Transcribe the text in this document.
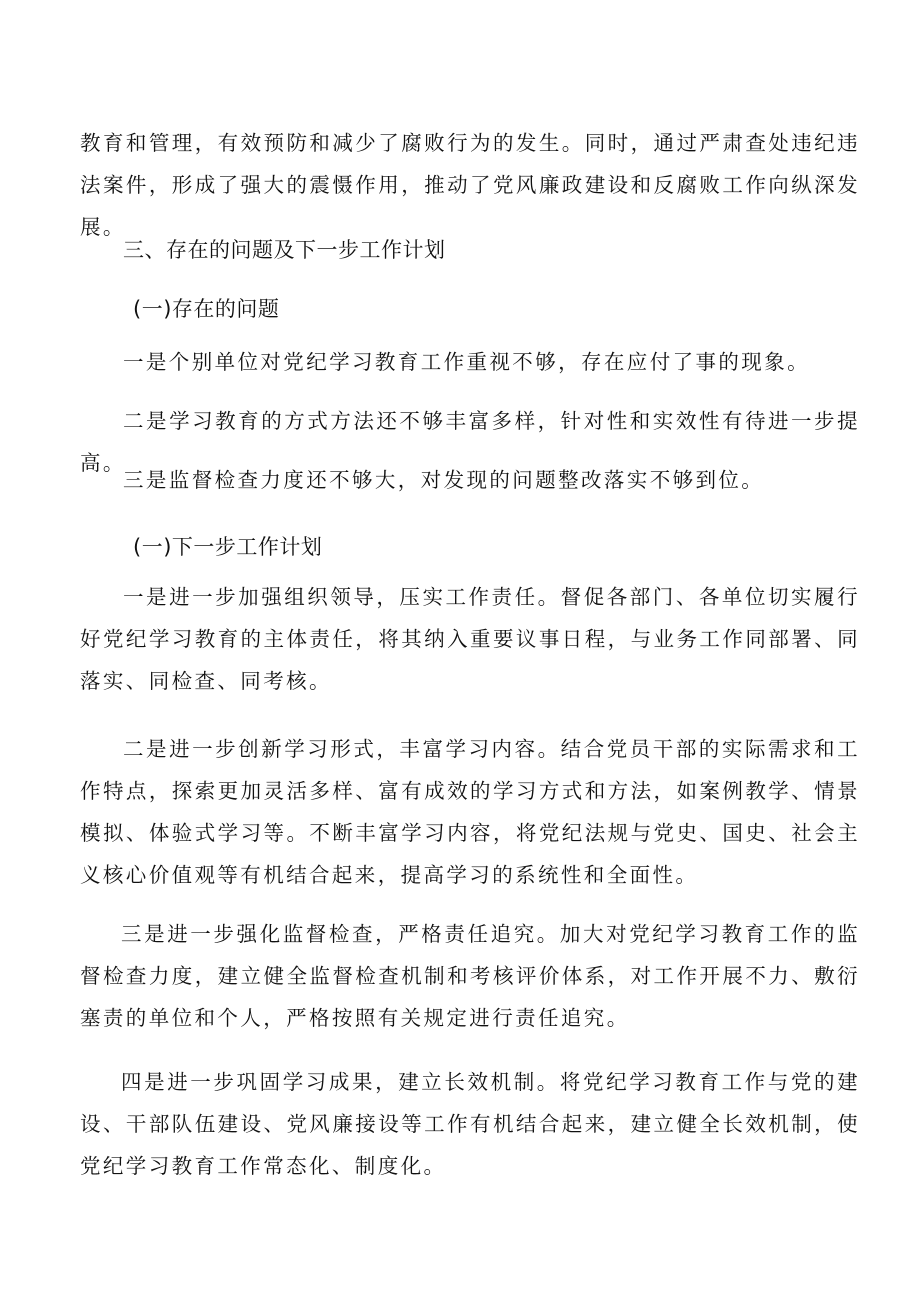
教育和管理，有效预防和减少了腐败行为的发生。同时，通过严肃查处违纪违法案件，形成了强大的震慑作用，推动了党风廉政建设和反腐败工作向纵深发展。

三、存在的问题及下一步工作计划

(一)存在的问题

一是个别单位对党纪学习教育工作重视不够，存在应付了事的现象。

二是学习教育的方式方法还不够丰富多样，针对性和实效性有待进一步提高。

三是监督检查力度还不够大，对发现的问题整改落实不够到位。

(一)下一步工作计划

一是进一步加强组织领导，压实工作责任。督促各部门、各单位切实履行好党纪学习教育的主体责任，将其纳入重要议事日程，与业务工作同部署、同落实、同检查、同考核。

二是进一步创新学习形式，丰富学习内容。结合党员干部的实际需求和工作特点，探索更加灵活多样、富有成效的学习方式和方法，如案例教学、情景模拟、体验式学习等。不断丰富学习内容，将党纪法规与党史、国史、社会主义核心价值观等有机结合起来，提高学习的系统性和全面性。

三是进一步强化监督检查，严格责任追究。加大对党纪学习教育工作的监督检查力度，建立健全监督检查机制和考核评价体系，对工作开展不力、敷衍塞责的单位和个人，严格按照有关规定进行责任追究。

四是进一步巩固学习成果，建立长效机制。将党纪学习教育工作与党的建设、干部队伍建设、党风廉接设等工作有机结合起来，建立健全长效机制，使党纪学习教育工作常态化、制度化。
